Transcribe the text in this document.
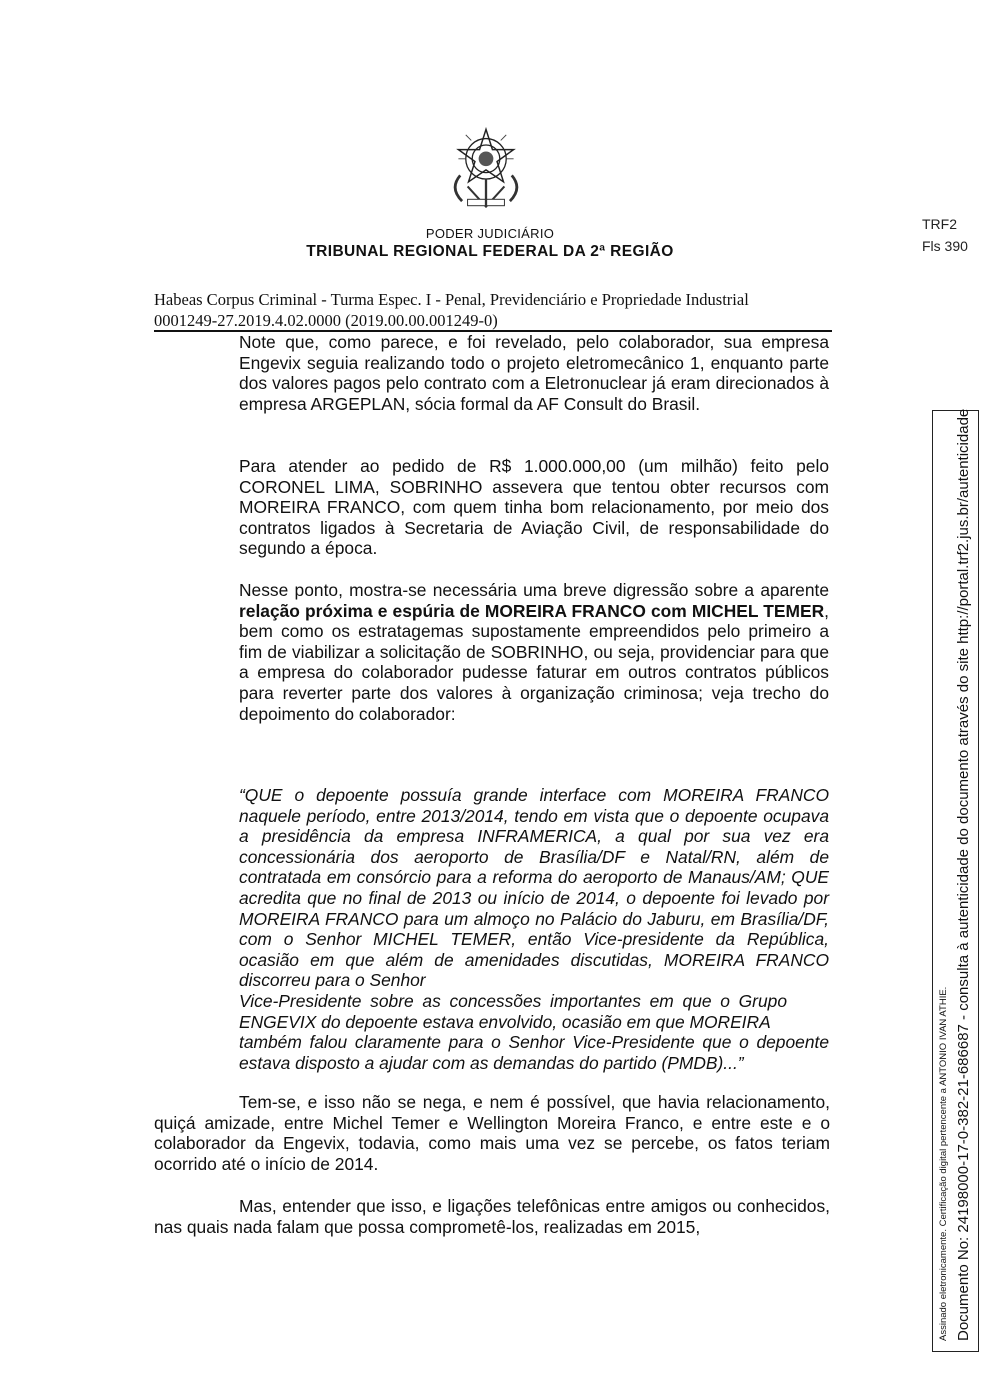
PODER JUDICIÁRIO
TRIBUNAL REGIONAL FEDERAL DA 2ª REGIÃO
TRF2
Fls 390
Habeas Corpus Criminal - Turma Espec. I - Penal, Previdenciário e Propriedade Industrial
0001249-27.2019.4.02.0000 (2019.00.00.001249-0)

Note que, como parece, e foi revelado, pelo colaborador, sua empresa Engevix seguia realizando todo o projeto eletromecânico 1, enquanto parte dos valores pagos pelo contrato com a Eletronuclear já eram direcionados à empresa ARGEPLAN, sócia formal da AF Consult do Brasil.

Para atender ao pedido de R$ 1.000.000,00 (um milhão) feito pelo CORONEL LIMA, SOBRINHO assevera que tentou obter recursos com MOREIRA FRANCO, com quem tinha bom relacionamento, por meio dos contratos ligados à Secretaria de Aviação Civil, de responsabilidade do segundo a época.

Nesse ponto, mostra-se necessária uma breve digressão sobre a aparente relação próxima e espúria de MOREIRA FRANCO com MICHEL TEMER, bem como os estratagemas supostamente empreendidos pelo primeiro a fim de viabilizar a solicitação de SOBRINHO, ou seja, providenciar para que a empresa do colaborador pudesse faturar em outros contratos públicos para reverter parte dos valores à organização criminosa; veja trecho do depoimento do colaborador:

“QUE o depoente possuía grande interface com MOREIRA FRANCO naquele período, entre 2013/2014, tendo em vista que o depoente ocupava a presidência da empresa INFRAMERICA, a qual por sua vez era concessionária dos aeroporto de Brasília/DF e Natal/RN, além de contratada em consórcio para a reforma do aeroporto de Manaus/AM; QUE acredita que no final de 2013 ou início de 2014, o depoente foi levado por MOREIRA FRANCO para um almoço no Palácio do Jaburu, em Brasília/DF, com o Senhor MICHEL TEMER, então Vice-presidente da República, ocasião em que além de amenidades discutidas, MOREIRA FRANCO discorreu para o Senhor

Vice-Presidente sobre as concessões importantes em que o Grupo ENGEVIX do depoente estava envolvido, ocasião em que MOREIRA

também falou claramente para o Senhor Vice-Presidente que o depoente estava disposto a ajudar com as demandas do partido (PMDB)...”

Tem-se, e isso não se nega, e nem é possível, que havia relacionamento, quiçá amizade, entre Michel Temer e Wellington Moreira Franco, e entre este e o colaborador da Engevix, todavia, como mais uma vez se percebe, os fatos teriam ocorrido até o início de 2014.

Mas, entender que isso, e ligações telefônicas entre amigos ou conhecidos, nas quais nada falam que possa comprometê-los, realizadas em 2015,	Assinado eletronicamente. Certificação digital pertencente a ANTONIO IVAN ATHIE. Documento No: 24198000-17-0-382-21-686687 - consulta à autenticidade do documento através do site http://portal.trf2.jus.br/autenticidade
